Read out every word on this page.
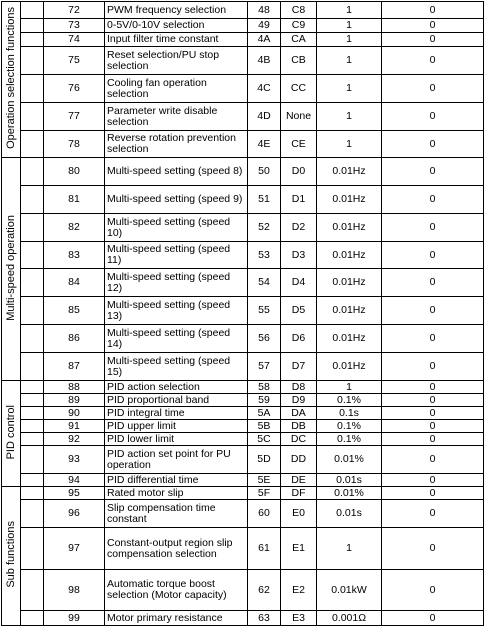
Operation selection functions		72	PWM frequency selection	48	C8	1	0
		73	0-5V/0-10V selection	49	C9	1	0
		74	Input filter time constant	4A	CA	1	0
		75	Reset selection/PU stop selection	4B	CB	1	0
		76	Cooling fan operation selection	4C	CC	1	0
		77	Parameter write disable selection	4D	None	1	0
		78	Reverse rotation prevention selection	4E	CE	1	0
Multi-speed operation		80	Multi-speed setting (speed 8)	50	D0	0.01Hz	0
		81	Multi-speed setting (speed 9)	51	D1	0.01Hz	0
		82	Multi-speed setting (speed 10)	52	D2	0.01Hz	0
		83	Multi-speed setting (speed 11)	53	D3	0.01Hz	0
		84	Multi-speed setting (speed 12)	54	D4	0.01Hz	0
		85	Multi-speed setting (speed 13)	55	D5	0.01Hz	0
		86	Multi-speed setting (speed 14)	56	D6	0.01Hz	0
		87	Multi-speed setting (speed 15)	57	D7	0.01Hz	0
PID control		88	PID action selection	58	D8	1	0
		89	PID proportional band	59	D9	0.1%	0
		90	PID integral time	5A	DA	0.1s	0
		91	PID upper limit	5B	DB	0.1%	0
		92	PID lower limit	5C	DC	0.1%	0
		93	PID action set point for PU operation	5D	DD	0.01%	0
		94	PID differential time	5E	DE	0.01s	0
Sub functions		95	Rated motor slip	5F	DF	0.01%	0
		96	Slip compensation time constant	60	E0	0.01s	0
		97	Constant-output region slip compensation selection	61	E1	1	0
		98	Automatic torque boost selection (Motor capacity)	62	E2	0.01kW	0
		99	Motor primary resistance	63	E3	0.001Ω	0
